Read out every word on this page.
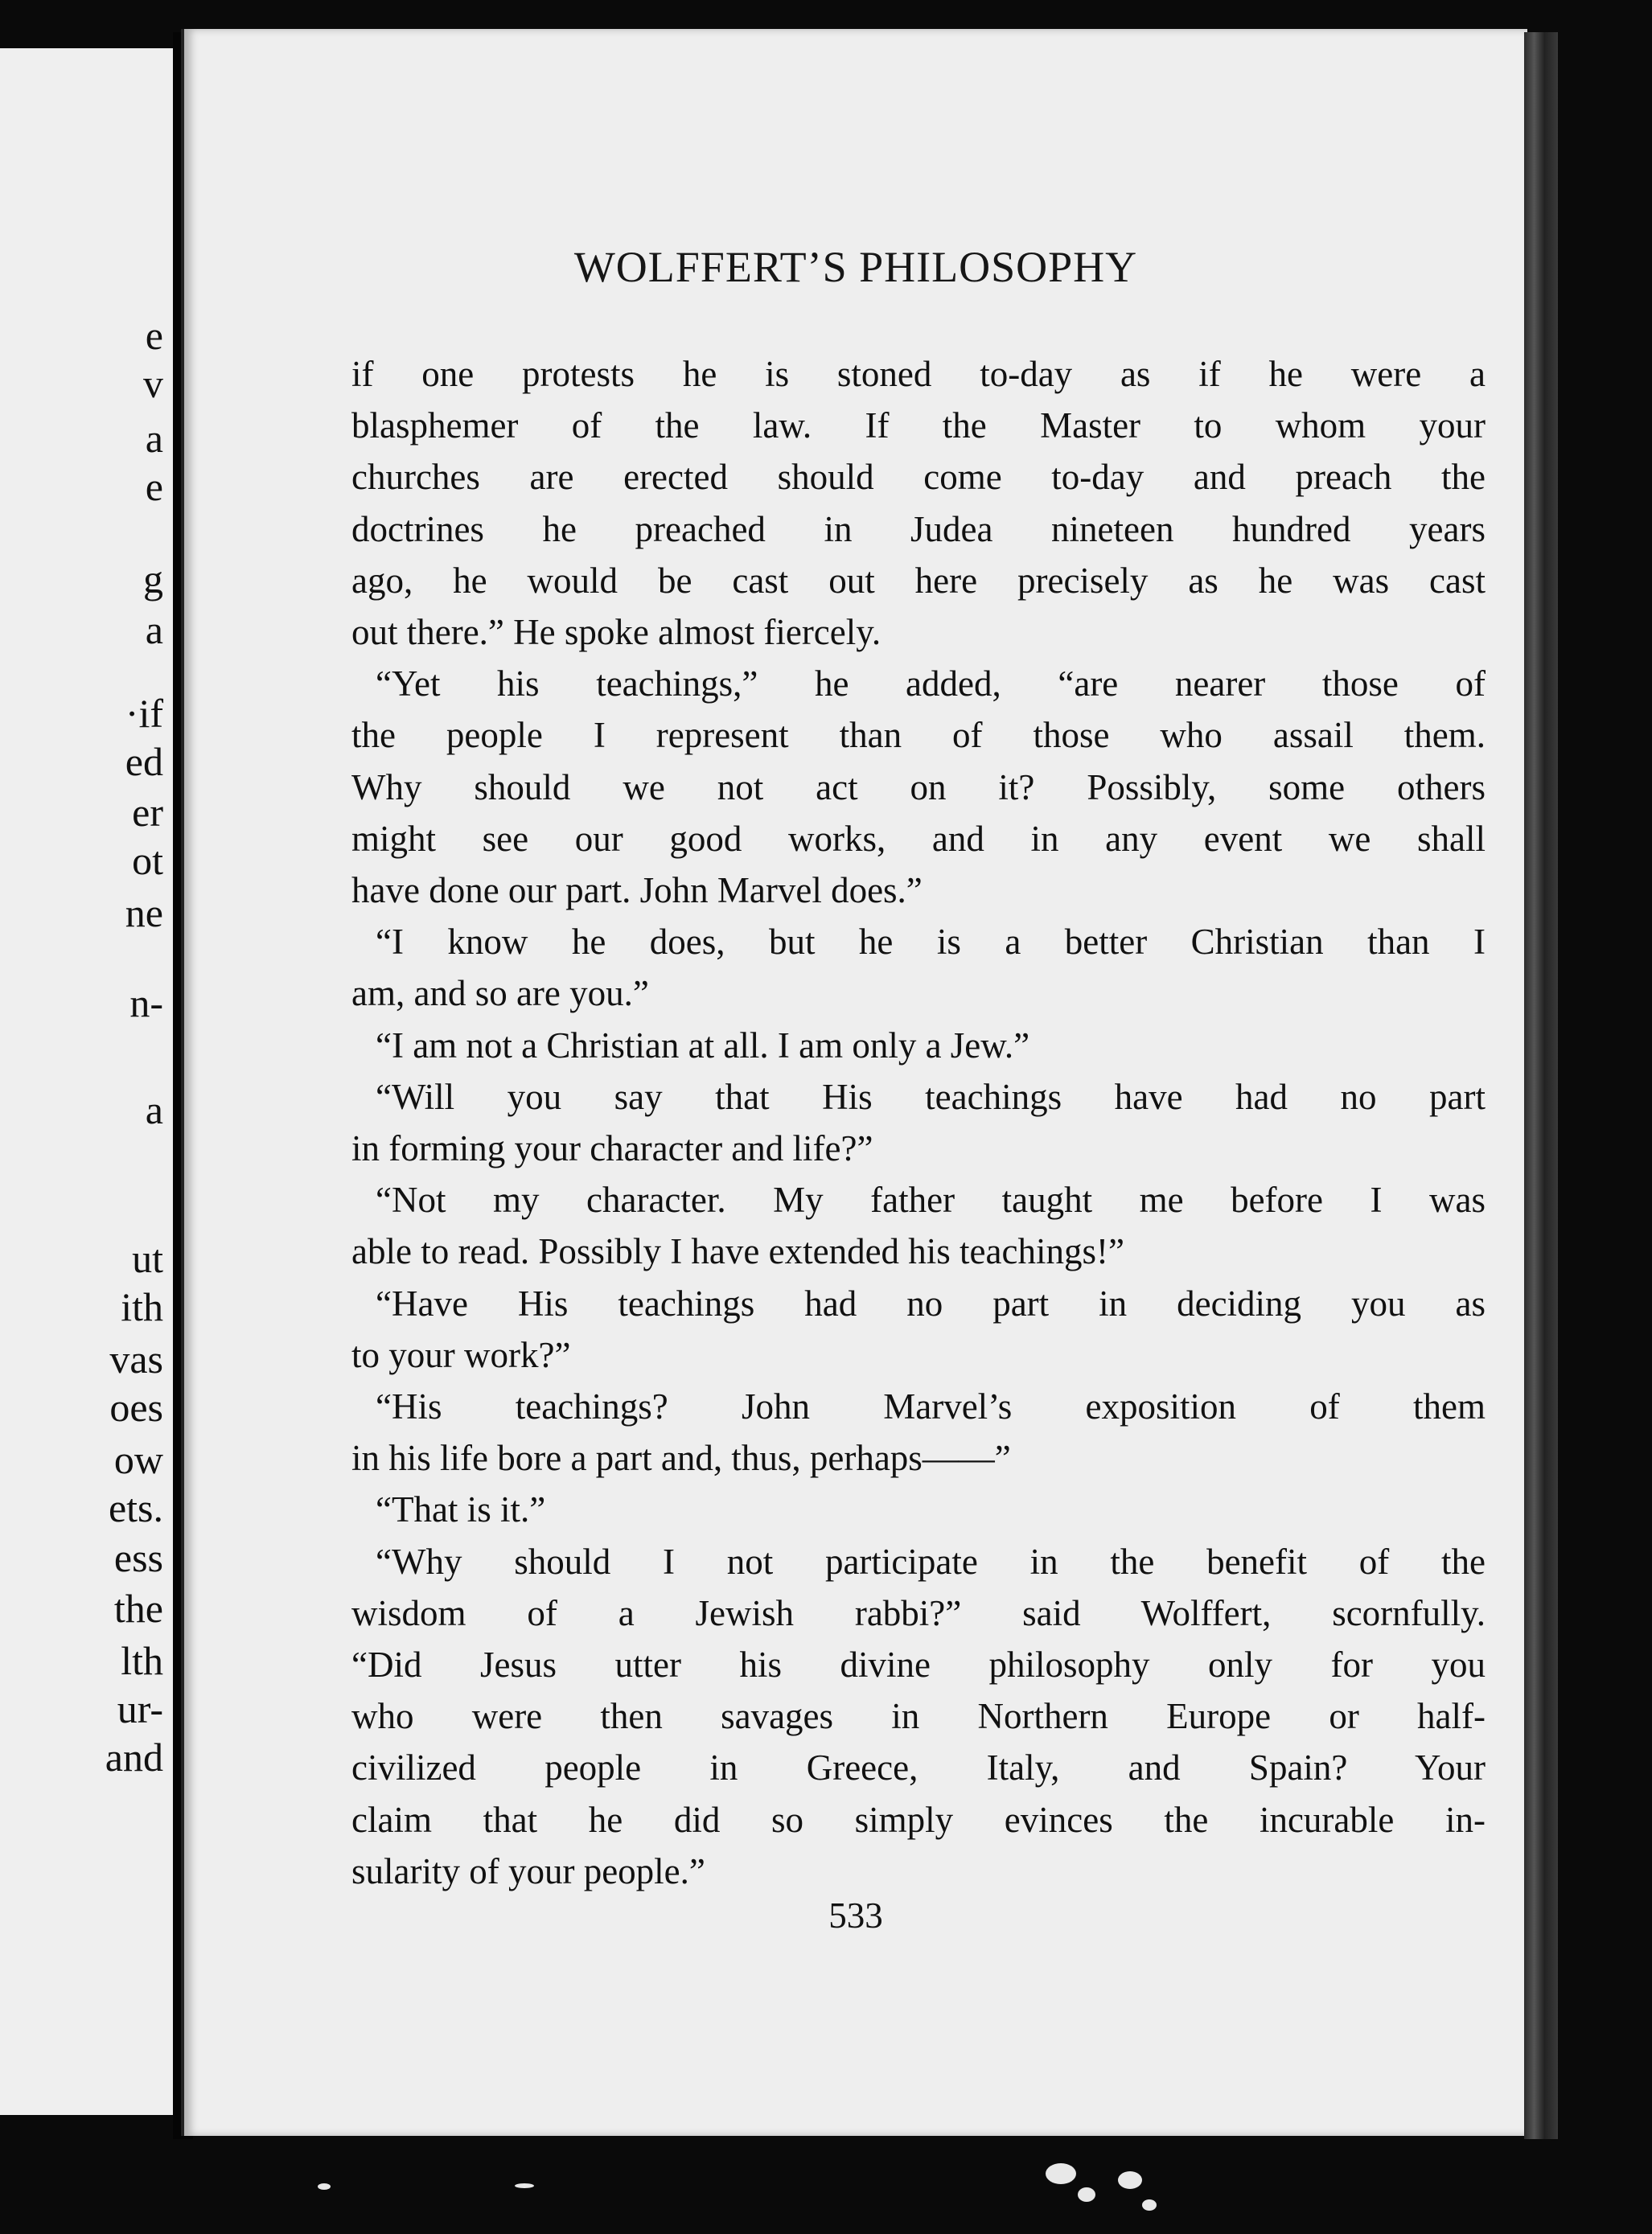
e
v
a
e
g
a
·if
ed
er
ot
ne
n-
a
ut
ith
vas
oes
ow
ets.
ess
the
lth
ur-
and
WOLFFERT’S PHILOSOPHY
if one protests he is stoned to-day as if he were a
blasphemer of the law. If the Master to whom your
churches are erected should come to-day and preach the
doctrines he preached in Judea nineteen hundred years
ago, he would be cast out here precisely as he was cast
out there.” He spoke almost fiercely.
“Yet his teachings,” he added, “are nearer those of
the people I represent than of those who assail them.
Why should we not act on it? Possibly, some others
might see our good works, and in any event we shall
have done our part. John Marvel does.”
“I know he does, but he is a better Christian than I
am, and so are you.”
“I am not a Christian at all. I am only a Jew.”
“Will you say that His teachings have had no part
in forming your character and life?”
“Not my character. My father taught me before I was
able to read. Possibly I have extended his teachings!”
“Have His teachings had no part in deciding you as
to your work?”
“His teachings? John Marvel’s exposition of them
in his life bore a part and, thus, perhaps——”
“That is it.”
“Why should I not participate in the benefit of the
wisdom of a Jewish rabbi?” said Wolffert, scornfully.
“Did Jesus utter his divine philosophy only for you
who were then savages in Northern Europe or half-
civilized people in Greece, Italy, and Spain? Your
claim that he did so simply evinces the incurable in-
sularity of your people.”
533
